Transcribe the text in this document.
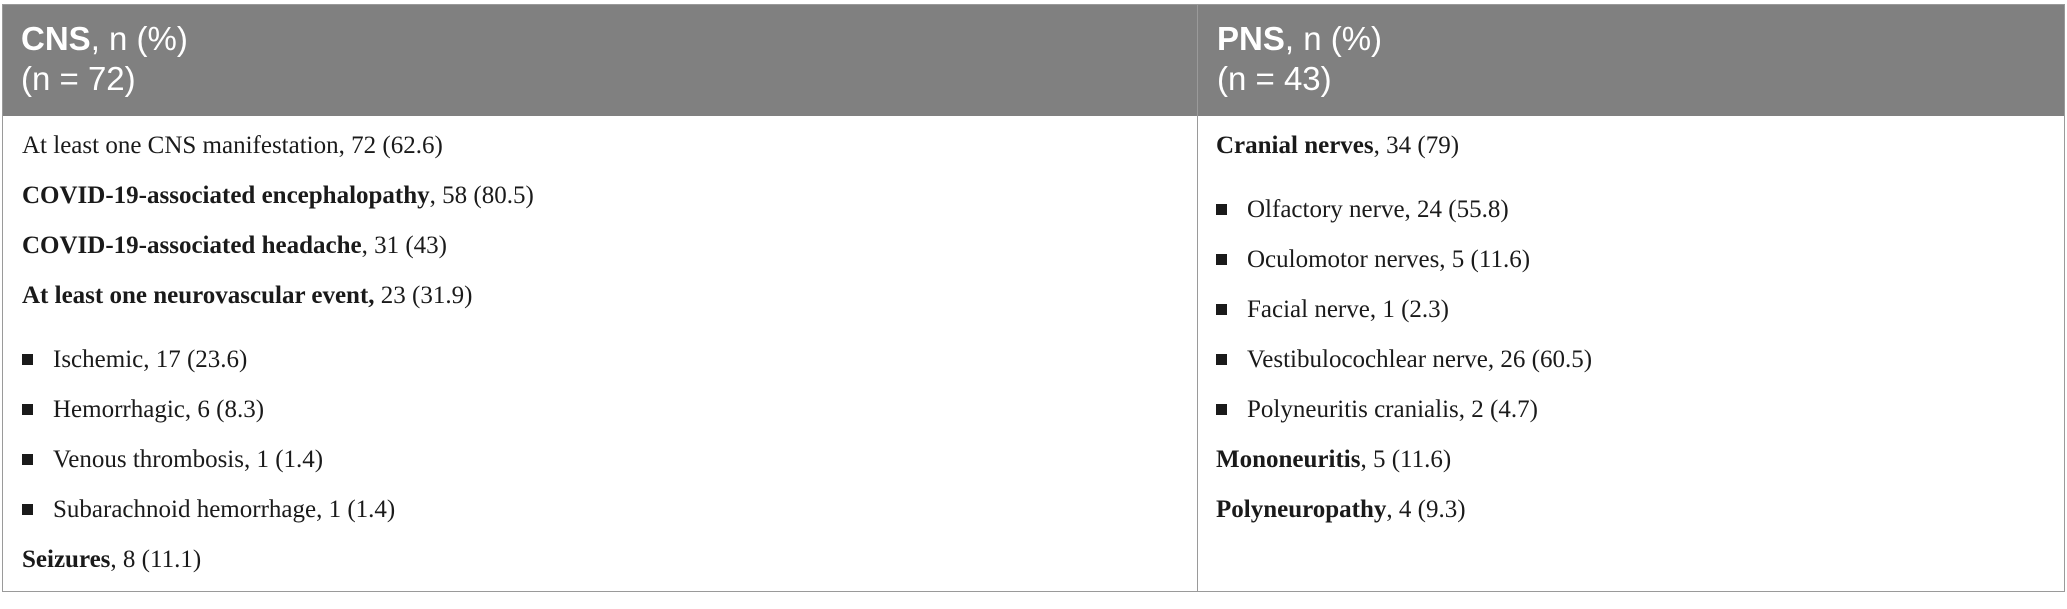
CNS, n (%)
(n = 72)
PNS, n (%)
(n = 43)
At least one CNS manifestation, 72 (62.6)
COVID-19-associated encephalopathy, 58 (80.5)
COVID-19-associated headache, 31 (43)
At least one neurovascular event, 23 (31.9)
Ischemic, 17 (23.6)
Hemorrhagic, 6 (8.3)
Venous thrombosis, 1 (1.4)
Subarachnoid hemorrhage, 1 (1.4)
Seizures, 8 (11.1)
Cranial nerves, 34 (79)
Olfactory nerve, 24 (55.8)
Oculomotor nerves, 5 (11.6)
Facial nerve, 1 (2.3)
Vestibulocochlear nerve, 26 (60.5)
Polyneuritis cranialis, 2 (4.7)
Mononeuritis, 5 (11.6)
Polyneuropathy, 4 (9.3)
